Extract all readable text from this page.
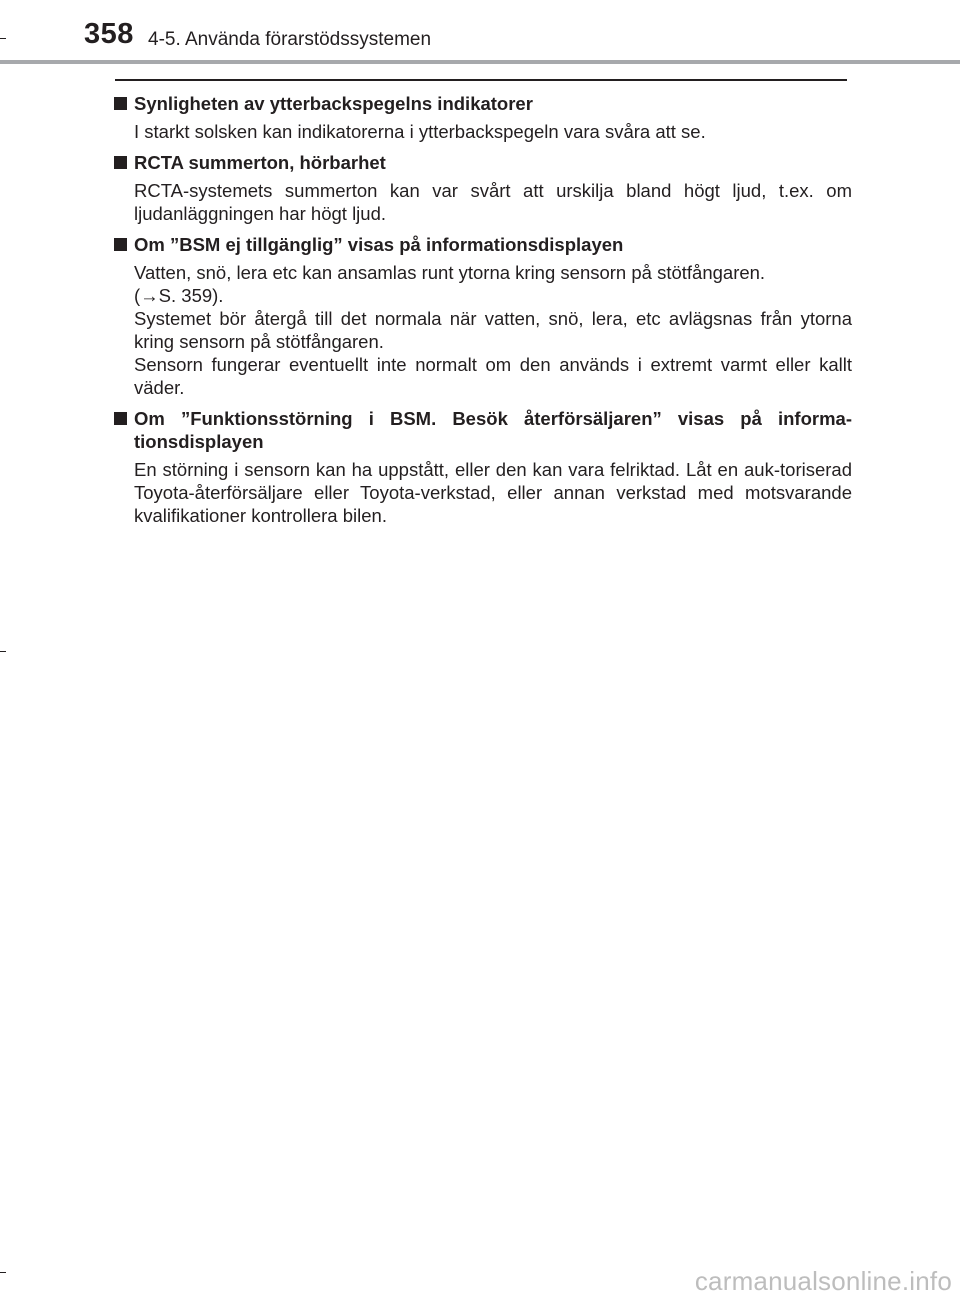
358 4-5. Använda förarstödssystemen
Synligheten av ytterbackspegelns indikatorer

I starkt solsken kan indikatorerna i ytterbackspegeln vara svåra att se.

RCTA summerton, hörbarhet

RCTA-systemets summerton kan var svårt att urskilja bland högt ljud, t.ex. om ljudanläggningen har högt ljud.

Om ”BSM ej tillgänglig” visas på informationsdisplayen

Vatten, snö, lera etc kan ansamlas runt ytorna kring sensorn på stötfångaren.

(→S. 359).

Systemet bör återgå till det normala när vatten, snö, lera, etc avlägsnas från ytorna kring sensorn på stötfångaren.

Sensorn fungerar eventuellt inte normalt om den används i extremt varmt eller kallt väder.

Om ”Funktionsstörning i BSM. Besök återförsäljaren” visas på informa-tionsdisplayen

En störning i sensorn kan ha uppstått, eller den kan vara felriktad. Låt en auk-toriserad Toyota-återförsäljare eller Toyota-verkstad, eller annan verkstad med motsvarande kvalifikationer kontrollera bilen.

carmanualsonline.info
